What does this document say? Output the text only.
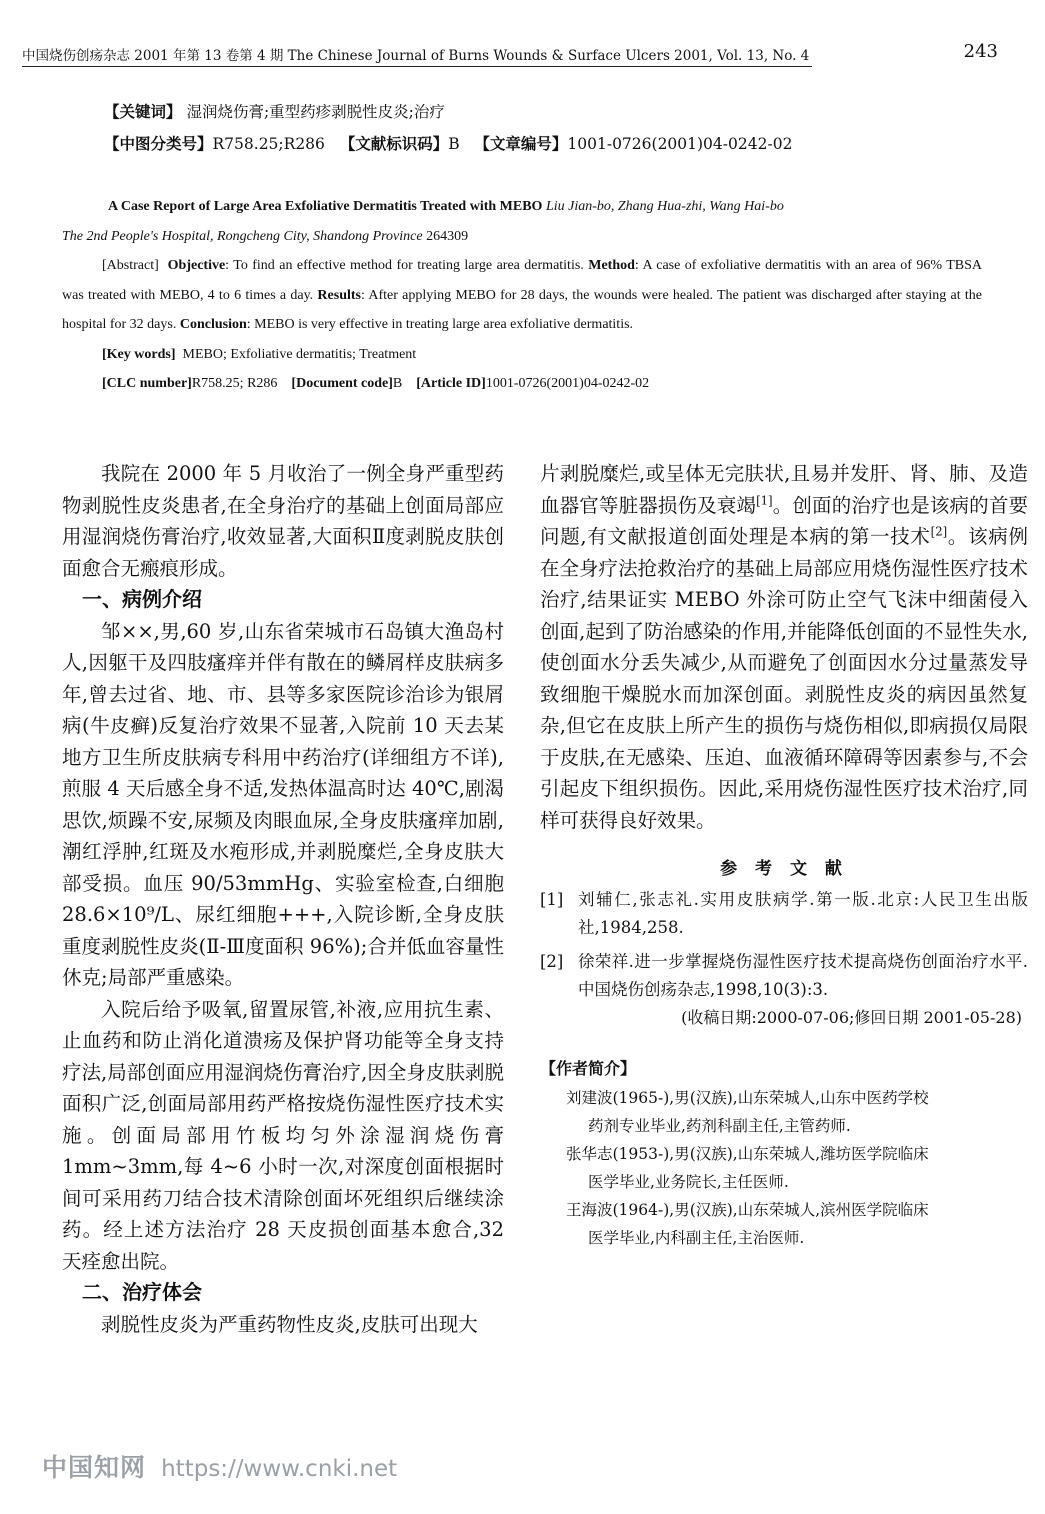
中国烧伤创疡杂志 2001 年第 13 卷第 4 期 The Chinese Journal of Burns Wounds & Surface Ulcers 2001, Vol. 13, No. 4	243
【关键词】 湿润烧伤膏;重型药疹剥脱性皮炎;治疗
【中图分类号】R758.25;R286 【文献标识码】B 【文章编号】1001-0726(2001)04-0242-02
A Case Report of Large Area Exfoliative Dermatitis Treated with MEBO Liu Jian-bo, Zhang Hua-zhi, Wang Hai-bo
The 2nd People's Hospital, Rongcheng City, Shandong Province 264309
[Abstract] Objective: To find an effective method for treating large area dermatitis. Method: A case of exfoliative dermatitis with an area of 96% TBSA was treated with MEBO, 4 to 6 times a day. Results: After applying MEBO for 28 days, the wounds were healed. The patient was discharged after staying at the hospital for 32 days. Conclusion: MEBO is very effective in treating large area exfoliative dermatitis.
[Key words] MEBO; Exfoliative dermatitis; Treatment
[CLC number]R758.25; R286 [Document code]B [Article ID]1001-0726(2001)04-0242-02

我院在 2000 年 5 月收治了一例全身严重型药物剥脱性皮炎患者,在全身治疗的基础上创面局部应用湿润烧伤膏治疗,收效显著,大面积Ⅱ度剥脱皮肤创面愈合无瘢痕形成。

一、病例介绍

邹××,男,60 岁,山东省荣城市石岛镇大渔岛村人,因躯干及四肢瘙痒并伴有散在的鳞屑样皮肤病多年,曾去过省、地、市、县等多家医院诊治诊为银屑病(牛皮癣)反复治疗效果不显著,入院前 10 天去某地方卫生所皮肤病专科用中药治疗(详细组方不详),煎服 4 天后感全身不适,发热体温高时达 40℃,剧渴思饮,烦躁不安,尿频及肉眼血尿,全身皮肤瘙痒加剧,潮红浮肿,红斑及水疱形成,并剥脱糜烂,全身皮肤大部受损。血压 90/53mmHg、实验室检查,白细胞 28.6×10⁹/L、尿红细胞+++,入院诊断,全身皮肤重度剥脱性皮炎(Ⅱ-Ⅲ度面积 96%);合并低血容量性休克;局部严重感染。

入院后给予吸氧,留置尿管,补液,应用抗生素、止血药和防止消化道溃疡及保护肾功能等全身支持疗法,局部创面应用湿润烧伤膏治疗,因全身皮肤剥脱面积广泛,创面局部用药严格按烧伤湿性医疗技术实施。创面局部用竹板均匀外涂湿润烧伤膏 1mm~3mm,每 4~6 小时一次,对深度创面根据时间可采用药刀结合技术清除创面坏死组织后继续涂药。经上述方法治疗 28 天皮损创面基本愈合,32 天痊愈出院。

二、治疗体会

剥脱性皮炎为严重药物性皮炎,皮肤可出现大

片剥脱糜烂,或呈体无完肤状,且易并发肝、肾、肺、及造血器官等脏器损伤及衰竭[1]。创面的治疗也是该病的首要问题,有文献报道创面处理是本病的第一技术[2]。该病例在全身疗法抢救治疗的基础上局部应用烧伤湿性医疗技术治疗,结果证实 MEBO 外涂可防止空气飞沫中细菌侵入创面,起到了防治感染的作用,并能降低创面的不显性失水,使创面水分丢失减少,从而避免了创面因水分过量蒸发导致细胞干燥脱水而加深创面。剥脱性皮炎的病因虽然复杂,但它在皮肤上所产生的损伤与烧伤相似,即病损仅局限于皮肤,在无感染、压迫、血液循环障碍等因素参与,不会引起皮下组织损伤。因此,采用烧伤湿性医疗技术治疗,同样可获得良好效果。

参 考 文 献

[1] 刘辅仁,张志礼.实用皮肤病学.第一版.北京:人民卫生出版社,1984,258.

[2] 徐荣祥.进一步掌握烧伤湿性医疗技术提高烧伤创面治疗水平.中国烧伤创疡杂志,1998,10(3):3.

(收稿日期:2000-07-06;修回日期 2001-05-28)
【作者简介】
刘建波(1965-),男(汉族),山东荣城人,山东中医药学校
药剂专业毕业,药剂科副主任,主管药师.
张华志(1953-),男(汉族),山东荣城人,潍坊医学院临床
医学毕业,业务院长,主任医师.
王海波(1964-),男(汉族),山东荣城人,滨州医学院临床
医学毕业,内科副主任,主治医师.
中国知网 https://www.cnki.net
